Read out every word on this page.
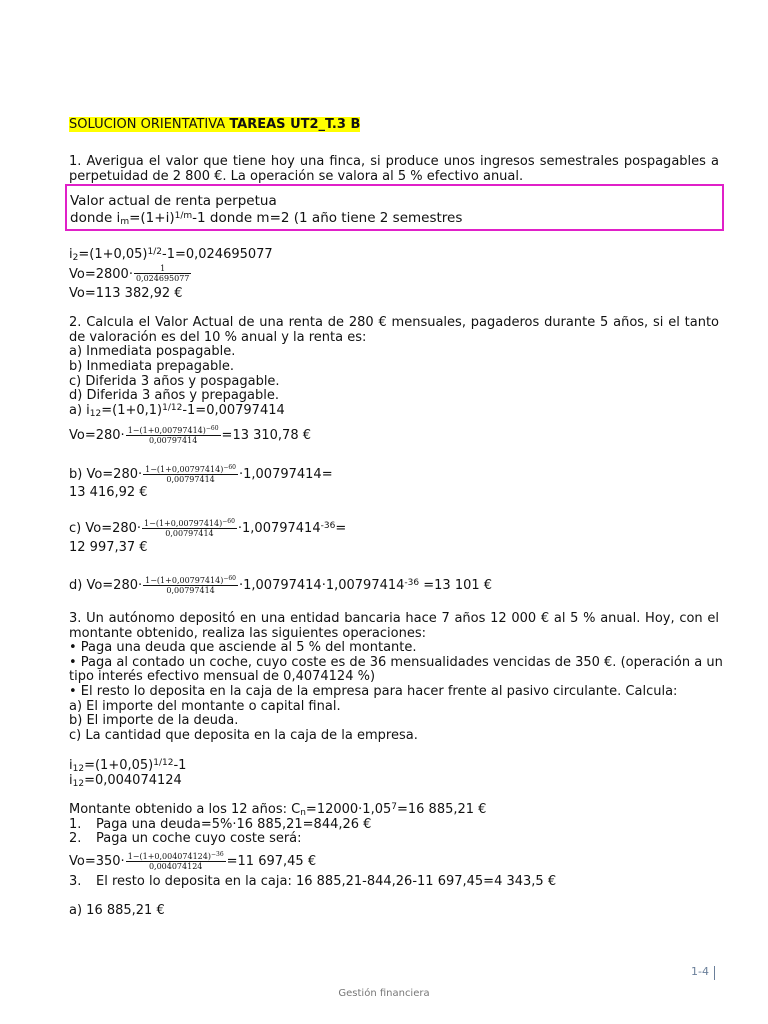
SOLUCION ORIENTATIVA TAREAS UT2_T.3 B
1. Averigua el valor que tiene hoy una finca, si produce unos ingresos semestrales pospagables a
perpetuidad de 2 800 €. La operación se valora al 5 % efectivo anual.
Valor actual de renta perpetua
donde $i_m=(1+i)^{1/m}-1$ donde m=2 (1 año tiene 2 semestres
$i_2=(1+0,05)^{1/2}-1=0,024695077$
$Vo=2800\cdot \frac{1}{0,024695077}$
Vo=113 382,92 €
2. Calcula el Valor Actual de una renta de 280 € mensuales, pagaderos durante 5 años, si el tanto
de valoración es del 10 % anual y la renta es:
a) Inmediata pospagable.
b) Inmediata prepagable.
c) Diferida 3 años y pospagable.
d) Diferida 3 años y prepagable.
a) $i_{12}=(1+0,1)^{1/12}-1=0,00797414$
$Vo=280\cdot \frac{1-(1+0,00797414)^{-60}}{0,00797414} =13$ 310,78 €
b) $Vo=280\cdot \frac{1-(1+0,00797414)^{-60}}{0,00797414} \cdot 1,00797414=$
13 416,92 €
c) $Vo=280\cdot \frac{1-(1+0,00797414)^{-60}}{0,00797414} \cdot 1,00797414^{-36}=$
12 997,37 €
d) $Vo=280\cdot \frac{1-(1+0,00797414)^{-60}}{0,00797414} \cdot 1,00797414\cdot 1,00797414^{-36} =13$ 101 €
3. Un autónomo depositó en una entidad bancaria hace 7 años 12 000 € al 5 % anual. Hoy, con el
montante obtenido, realiza las siguientes operaciones:
• Paga una deuda que asciende al 5 % del montante.
• Paga al contado un coche, cuyo coste es de 36 mensualidades vencidas de 350 €. (operación a un
tipo interés efectivo mensual de 0,4074124 %)
• El resto lo deposita en la caja de la empresa para hacer frente al pasivo circulante. Calcula:
a) El importe del montante o capital final.
b) El importe de la deuda.
c) La cantidad que deposita en la caja de la empresa.
$i_{12}=(1+0,05)^{1/12}-1$
$i_{12}=0,004074124$
Montante obtenido a los 12 años: $C_n=12000\cdot 1,05^7=16$ 885,21 €
1. Paga una deuda=5%·16 885,21=844,26 €
2. Paga un coche cuyo coste será:
$Vo=350\cdot \frac{1-(1+0,004074124)^{-36}}{0,004074124} =11$ 697,45 €
3. El resto lo deposita en la caja: 16 885,21-844,26-11 697,45=4 343,5 €
a) 16 885,21 €
1-4
Gestión financiera
